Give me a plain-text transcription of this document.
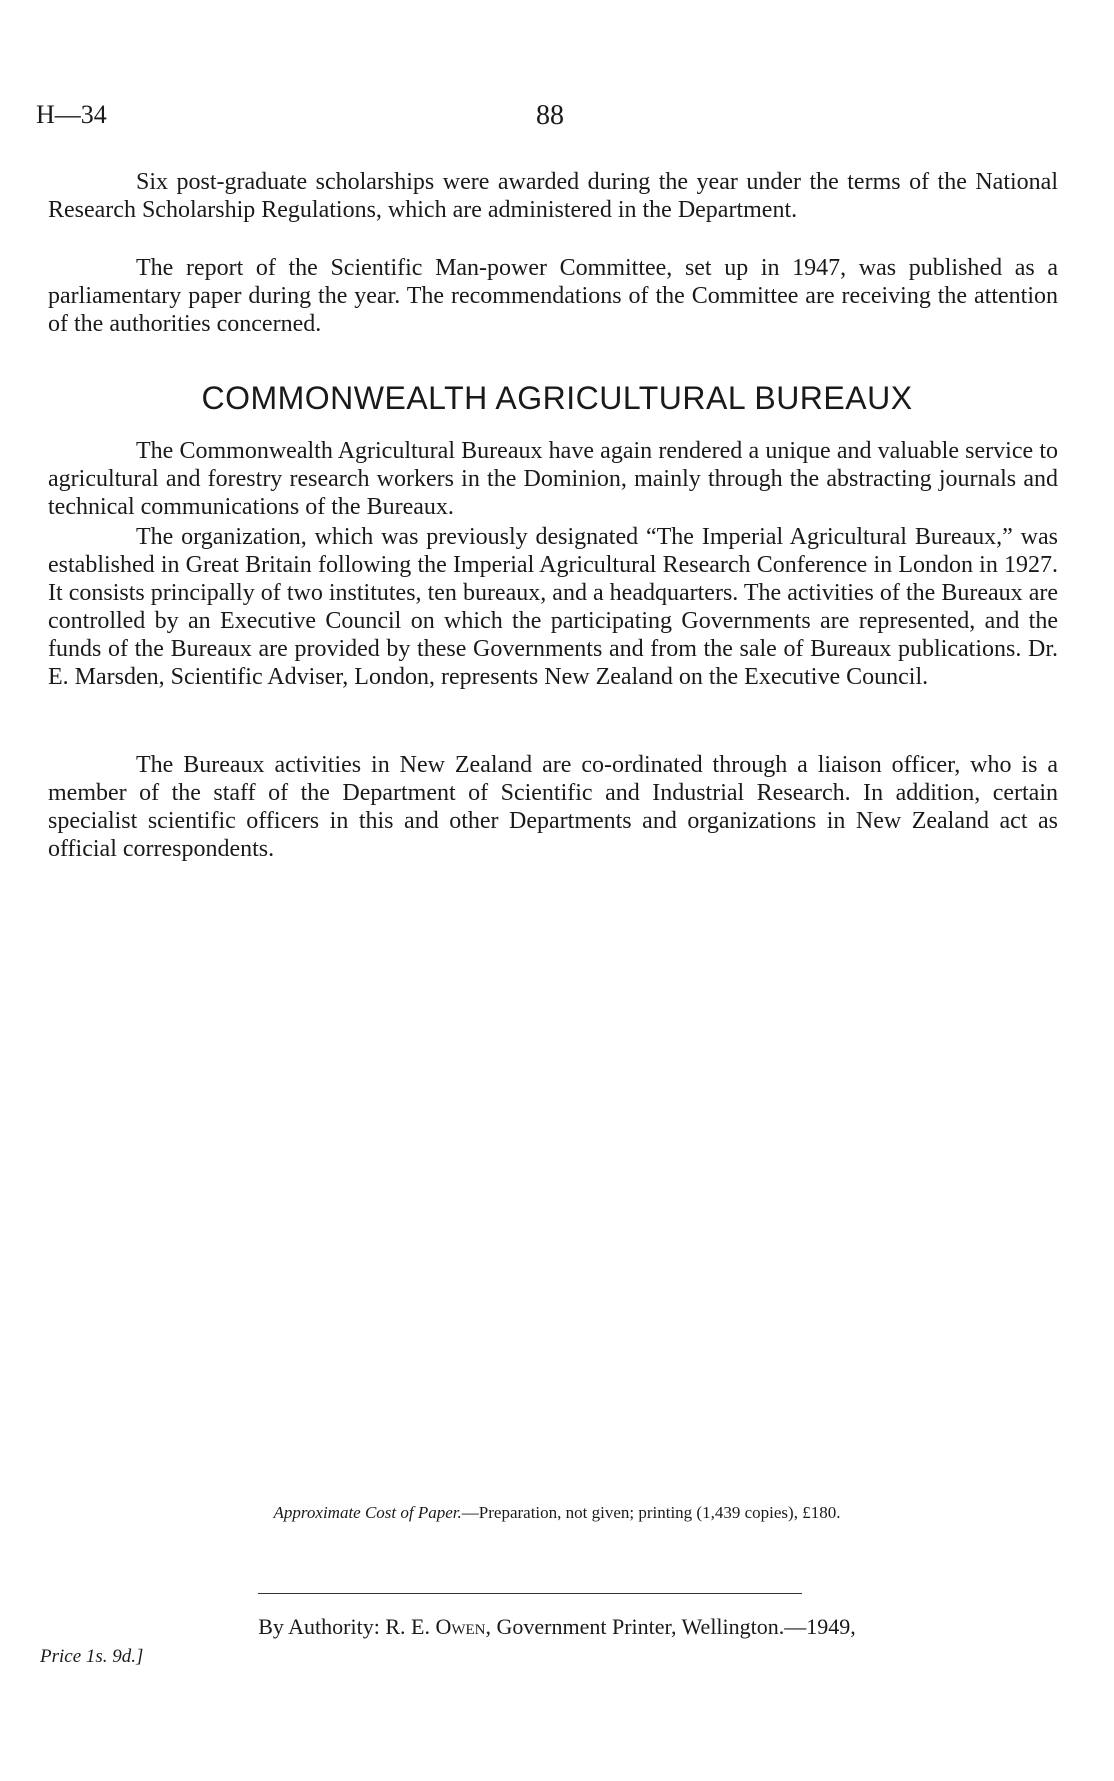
H—34	88

Six post-graduate scholarships were awarded during the year under the terms of the National Research Scholarship Regulations, which are administered in the Department.

The report of the Scientific Man-power Committee, set up in 1947, was published as a parliamentary paper during the year. The recommendations of the Committee are receiving the attention of the authorities concerned.

COMMONWEALTH AGRICULTURAL BUREAUX

The Commonwealth Agricultural Bureaux have again rendered a unique and valuable service to agricultural and forestry research workers in the Dominion, mainly through the abstracting journals and technical communications of the Bureaux.

The organization, which was previously designated “The Imperial Agricultural Bureaux,” was established in Great Britain following the Imperial Agricultural Research Conference in London in 1927. It consists principally of two institutes, ten bureaux, and a headquarters. The activities of the Bureaux are controlled by an Executive Council on which the participating Governments are represented, and the funds of the Bureaux are provided by these Governments and from the sale of Bureaux publications. Dr. E. Marsden, Scientific Adviser, London, represents New Zealand on the Executive Council.

The Bureaux activities in New Zealand are co-ordinated through a liaison officer, who is a member of the staff of the Department of Scientific and Industrial Research. In addition, certain specialist scientific officers in this and other Departments and organizations in New Zealand act as official correspondents.

Approximate Cost of Paper.—Preparation, not given; printing (1,439 copies), £180.
By Authority: R. E. Owen, Government Printer, Wellington.—1949,
Price 1s. 9d.]
